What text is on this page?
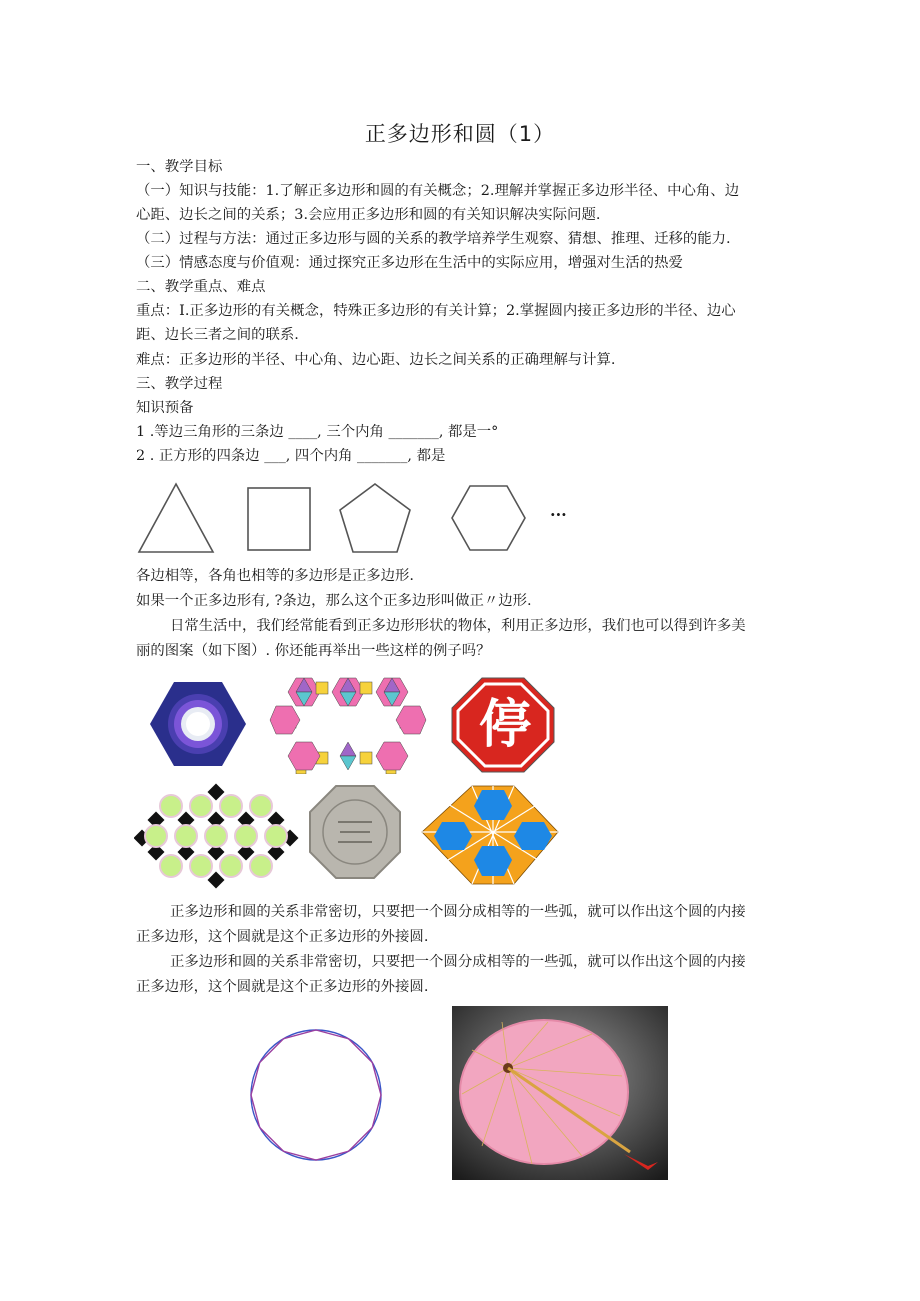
正多边形和圆（1）
一、教学目标
（一）知识与技能：1.了解正多边形和圆的有关概念；2.理解并掌握正多边形半径、中心角、边
心距、边长之间的关系；3.会应用正多边形和圆的有关知识解决实际问题.
（二）过程与方法：通过正多边形与圆的关系的教学培养学生观察、猜想、推理、迁移的能力.
（三）情感态度与价值观：通过探究正多边形在生活中的实际应用，增强对生活的热爱
二、教学重点、难点
重点：I.正多边形的有关概念，特殊正多边形的有关计算；2.掌握圆内接正多边形的半径、边心
距、边长三者之间的联系.
难点：正多边形的半径、中心角、边心距、边长之间关系的正确理解与计算.
三、教学过程
知识预备
1 .等边三角形的三条边 ____, 三个内角 _______, 都是一°
2 . 正方形的四条边 ___, 四个内角 _______, 都是
···
各边相等，各角也相等的多边形是正多边形.
如果一个正多边形有, ?条边，那么这个正多边形叫做正〃边形.
日常生活中，我们经常能看到正多边形形状的物体，利用正多边形，我们也可以得到许多美
丽的图案（如下图）. 你还能再举出一些这样的例子吗？
停
正多边形和圆的关系非常密切，只要把一个圆分成相等的一些弧，就可以作出这个圆的内接
正多边形，这个圆就是这个正多边形的外接圆.
正多边形和圆的关系非常密切，只要把一个圆分成相等的一些弧，就可以作出这个圆的内接
正多边形，这个圆就是这个正多边形的外接圆.
